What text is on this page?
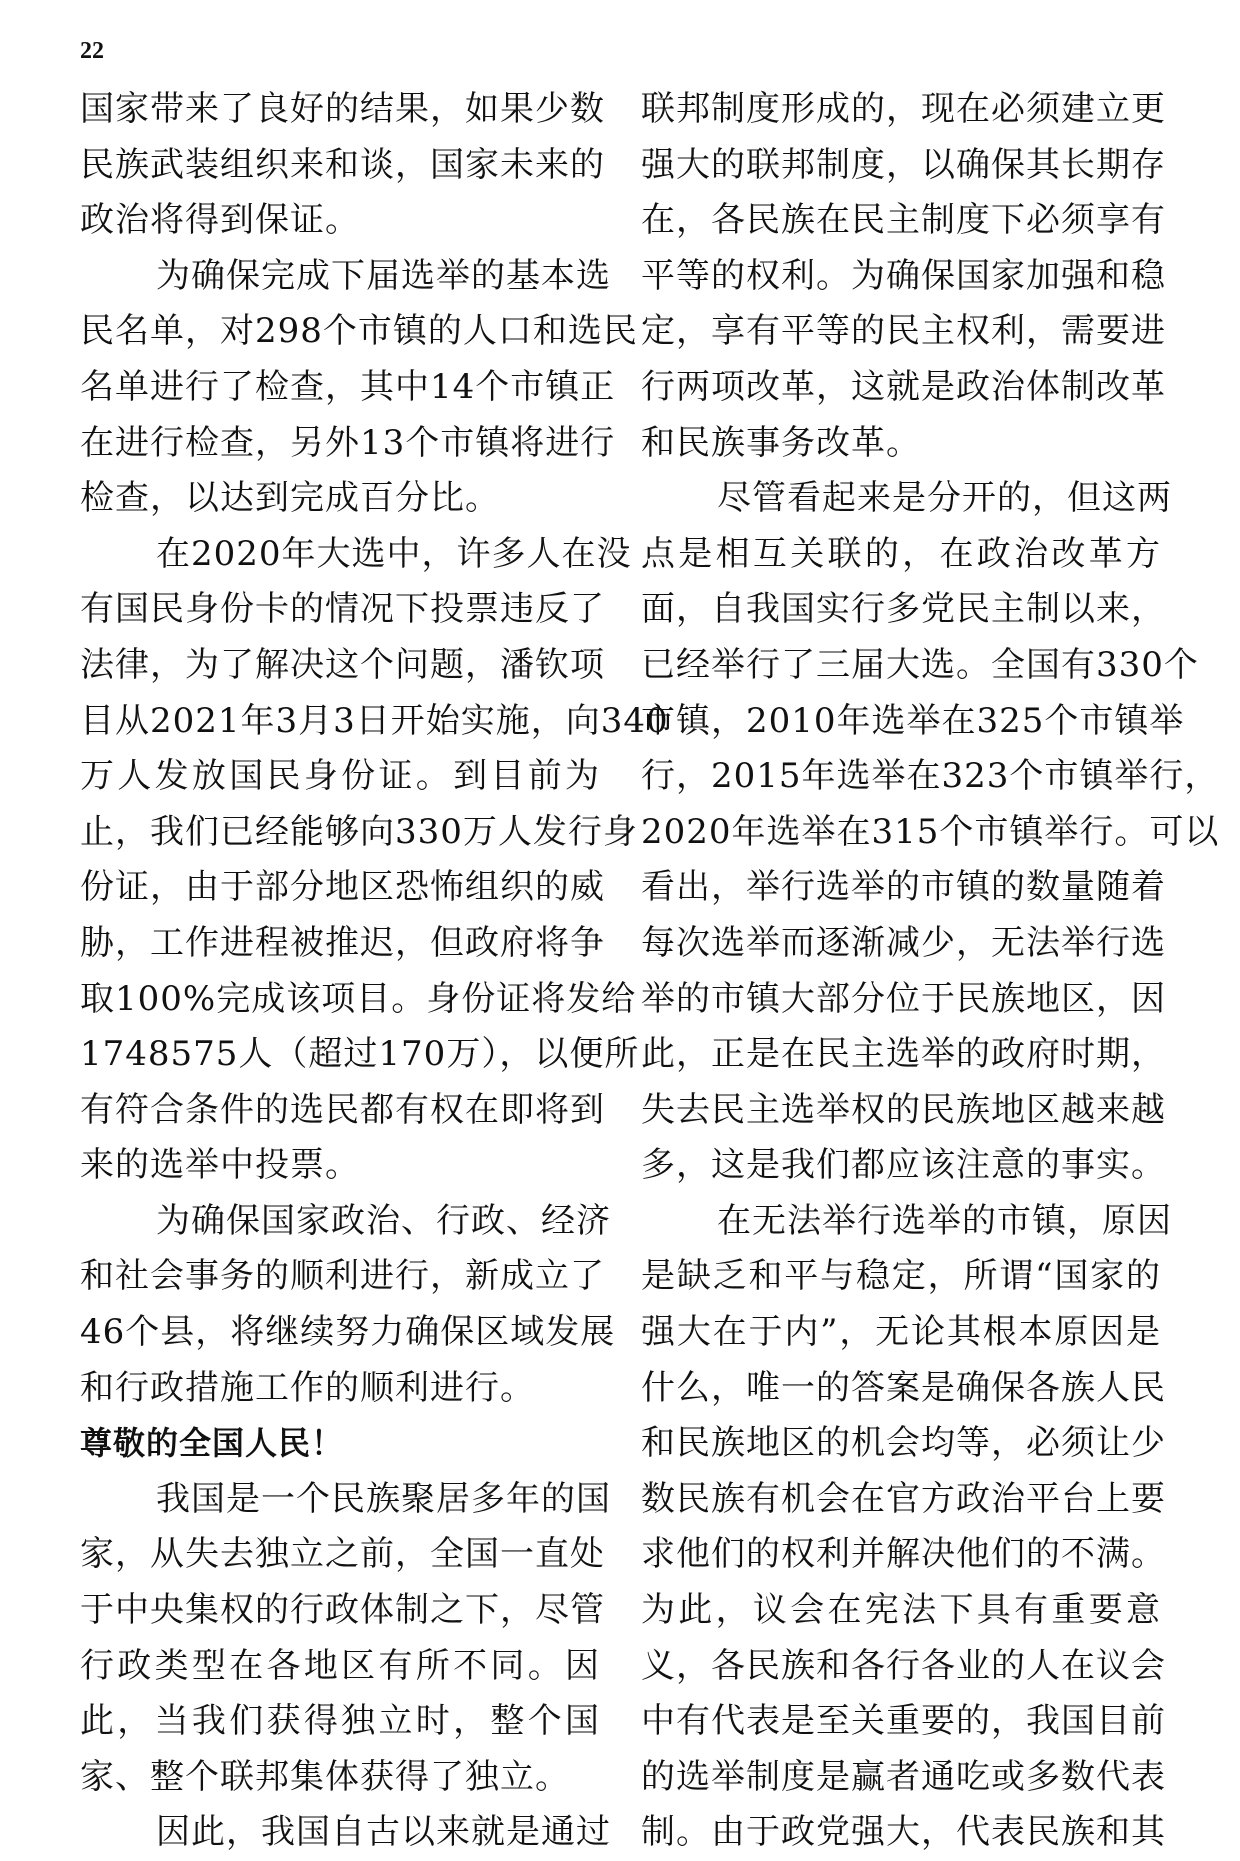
22
国家带来了良好的结果，如果少数
民族武装组织来和谈，国家未来的
政治将得到保证。
为确保完成下届选举的基本选
民名单，对298个市镇的人口和选民
名单进行了检查，其中14个市镇正
在进行检查，另外13个市镇将进行
检查，以达到完成百分比。
在2020年大选中，许多人在没
有国民身份卡的情况下投票违反了
法律，为了解决这个问题，潘钦项
目从2021年3月3日开始实施，向340
万人发放国民身份证。到目前为
止，我们已经能够向330万人发行身
份证，由于部分地区恐怖组织的威
胁，工作进程被推迟，但政府将争
取100%完成该项目。身份证将发给
1748575人（超过170万），以便所
有符合条件的选民都有权在即将到
来的选举中投票。
为确保国家政治、行政、经济
和社会事务的顺利进行，新成立了
46个县，将继续努力确保区域发展
和行政措施工作的顺利进行。
尊敬的全国人民！
我国是一个民族聚居多年的国
家，从失去独立之前，全国一直处
于中央集权的行政体制之下，尽管
行政类型在各地区有所不同。因
此，当我们获得独立时，整个国
家、整个联邦集体获得了独立。
因此，我国自古以来就是通过
联邦制度形成的，现在必须建立更
强大的联邦制度，以确保其长期存
在，各民族在民主制度下必须享有
平等的权利。为确保国家加强和稳
定，享有平等的民主权利，需要进
行两项改革，这就是政治体制改革
和民族事务改革。
尽管看起来是分开的，但这两
点是相互关联的，在政治改革方
面，自我国实行多党民主制以来，
已经举行了三届大选。全国有330个
市镇，2010年选举在325个市镇举
行，2015年选举在323个市镇举行，
2020年选举在315个市镇举行。可以
看出，举行选举的市镇的数量随着
每次选举而逐渐减少，无法举行选
举的市镇大部分位于民族地区，因
此，正是在民主选举的政府时期，
失去民主选举权的民族地区越来越
多，这是我们都应该注意的事实。
在无法举行选举的市镇，原因
是缺乏和平与稳定，所谓“国家的
强大在于内”，无论其根本原因是
什么，唯一的答案是确保各族人民
和民族地区的机会均等，必须让少
数民族有机会在官方政治平台上要
求他们的权利并解决他们的不满。
为此，议会在宪法下具有重要意
义，各民族和各行各业的人在议会
中有代表是至关重要的，我国目前
的选举制度是赢者通吃或多数代表
制。由于政党强大，代表民族和其
